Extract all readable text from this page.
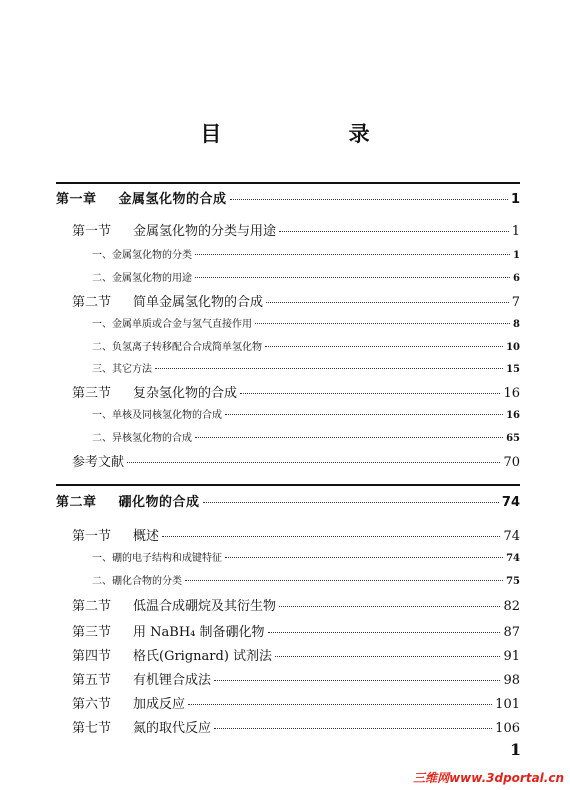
目 录
第一章 金属氢化物的合成	1
第一节 金属氢化物的分类与用途	1
一、金属氢化物的分类	1
二、金属氢化物的用途	6
第二节 简单金属氢化物的合成	7
一、金属单质或合金与氢气直接作用	8
二、负氢离子转移配合合成简单氢化物	10
三、其它方法	15
第三节 复杂氢化物的合成	16
一、单核及同核氢化物的合成	16
二、异核氢化物的合成	65
参考文献	70
第二章 硼化物的合成	74
第一节 概述	74
一、硼的电子结构和成键特征	74
二、硼化合物的分类	75
第二节 低温合成硼烷及其衍生物	82
第三节 用 NaBH₄ 制备硼化物	87
第四节 格氏(Grignard) 试剂法	91
第五节 有机锂合成法	98
第六节 加成反应	101
第七节 氮的取代反应	106
1
三维网www.3dportal.cn
